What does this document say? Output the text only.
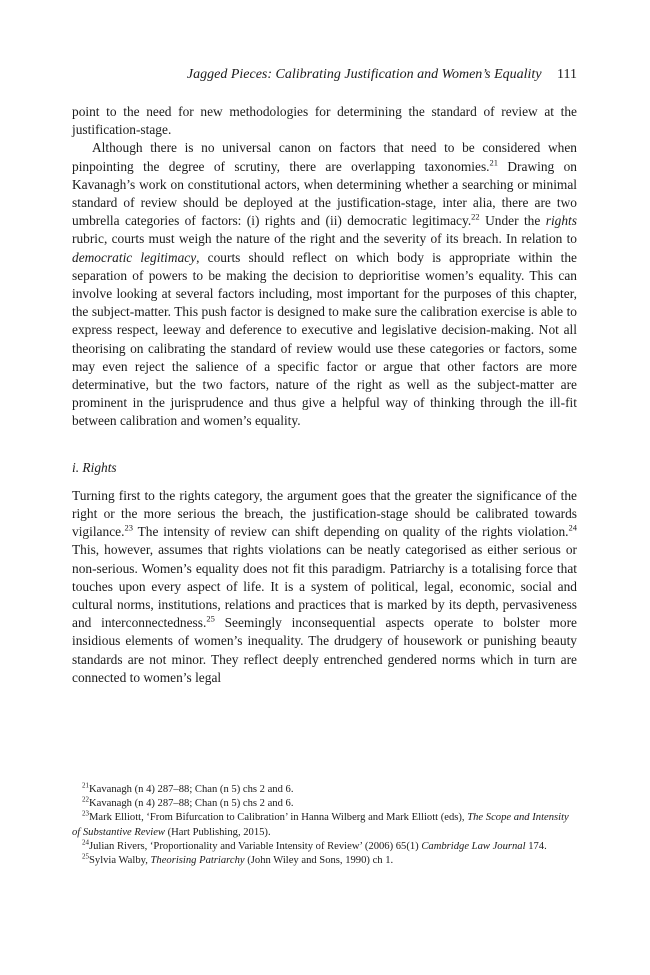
Jagged Pieces: Calibrating Justification and Women’s Equality 111

point to the need for new methodologies for determining the standard of review at the justification-stage.

Although there is no universal canon on factors that need to be considered when pinpointing the degree of scrutiny, there are overlapping taxonomies.$^{21}$ Drawing on Kavanagh’s work on constitutional actors, when determining whether a searching or minimal standard of review should be deployed at the justification-stage, inter alia, there are two umbrella categories of factors: (i) rights and (ii) democratic legitimacy.$^{22}$ Under the rights rubric, courts must weigh the nature of the right and the severity of its breach. In relation to democratic legitimacy, courts should reflect on which body is appropriate within the separation of powers to be making the decision to deprioritise women’s equality. This can involve looking at several factors including, most important for the purposes of this chapter, the subject-matter. This push factor is designed to make sure the calibration exercise is able to express respect, leeway and deference to executive and legislative decision-making. Not all theorising on calibrating the standard of review would use these categories or factors, some may even reject the salience of a specific factor or argue that other factors are more determinative, but the two factors, nature of the right as well as the subject-matter are prominent in the jurisprudence and thus give a helpful way of thinking through the ill-fit between calibration and women’s equality.

i. Rights

Turning first to the rights category, the argument goes that the greater the significance of the right or the more serious the breach, the justification-stage should be calibrated towards vigilance.$^{23}$ The intensity of review can shift depending on quality of the rights violation.$^{24}$ This, however, assumes that rights violations can be neatly categorised as either serious or non-serious. Women’s equality does not fit this paradigm. Patriarchy is a totalising force that touches upon every aspect of life. It is a system of political, legal, economic, social and cultural norms, institutions, relations and practices that is marked by its depth, pervasiveness and interconnectedness.$^{25}$ Seemingly inconsequential aspects operate to bolster more insidious elements of women’s inequality. The drudgery of housework or punishing beauty standards are not minor. They reflect deeply entrenched gendered norms which in turn are connected to women’s legal

$^{21}$Kavanagh (n 4) 287–88; Chan (n 5) chs 2 and 6.

$^{22}$Kavanagh (n 4) 287–88; Chan (n 5) chs 2 and 6.

$^{23}$Mark Elliott, ‘From Bifurcation to Calibration’ in Hanna Wilberg and Mark Elliott (eds), The Scope and Intensity of Substantive Review (Hart Publishing, 2015).

$^{24}$Julian Rivers, ‘Proportionality and Variable Intensity of Review’ (2006) 65(1) Cambridge Law Journal 174.

$^{25}$Sylvia Walby, Theorising Patriarchy (John Wiley and Sons, 1990) ch 1.
